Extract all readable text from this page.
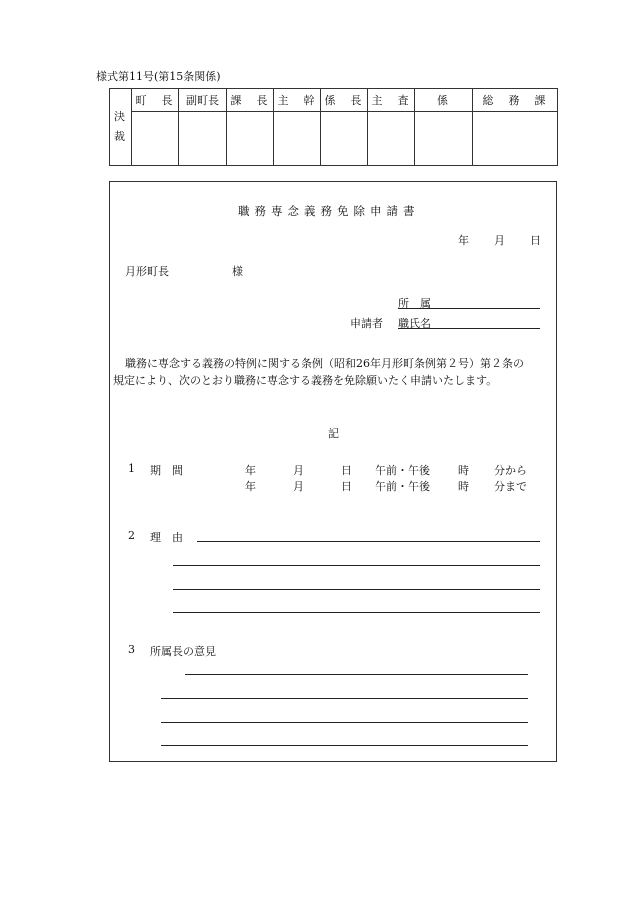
様式第11号(第15条関係)
決
裁	町　長	副町長	課　長	主　幹	係　長	主　査	係	総　務　課

職務専念義務免除申請書
年 月 日
月形町長	様
所　属
申請者 職氏名
職務に専念する義務の特例に関する条例（昭和26年月形町条例第２号）第２条の
規定により、次のとおり職務に専念する義務を免除願いたく申請いたします。
記
1 期　間	年	月	日 午前・午後	時 分から
年	月	日 午前・午後	時 分まで
2 理　由
3 所属長の意見
